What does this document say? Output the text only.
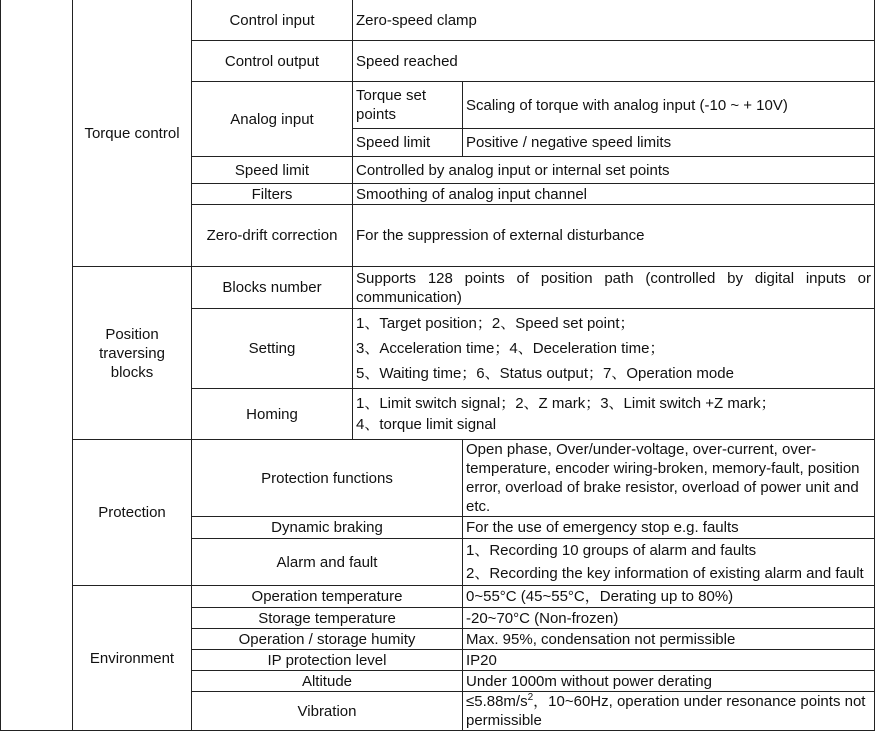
	Torque control	Control input	Zero-speed clamp	
		Control output	Speed reached	
		Analog input	Torque set points	Scaling of torque with analog input (-10 ~ + 10V)
			Speed limit	Positive / negative speed limits
		Speed limit	Controlled by analog input or internal set points	
		Filters	Smoothing of analog input channel	
		Zero-drift correction	For the suppression of external disturbance	
	Position traversing blocks	Blocks number	Supports 128 points of position path (controlled by digital inputs or communication)	
		Setting	1、Target position；2、Speed set point；
3、Acceleration time；4、Deceleration time；
5、Waiting time；6、Status output；7、Operation mode	

		Homing	1、Limit switch signal；2、Z mark；3、Limit switch +Z mark；
4、torque limit signal	

	Protection	Protection functions		Open phase, Over/under-voltage, over-current, over-temperature, encoder wiring-broken, memory-fault, position error, overload of brake resistor, overload of power unit and etc.
		Dynamic braking		For the use of emergency stop e.g. faults
		Alarm and fault		1、Recording 10 groups of alarm and faults
2、Recording the key information of existing alarm and fault

	Environment	Operation temperature		0~55°C (45~55°C，Derating up to 80%)
		Storage temperature		-20~70°C (Non-frozen)
		Operation / storage humity		Max. 95%, condensation not permissible
		IP protection level		IP20
		Altitude		Under 1000m without power derating
		Vibration		$\le 5.88m/s^2$，10~60Hz, operation under resonance points not permissible
